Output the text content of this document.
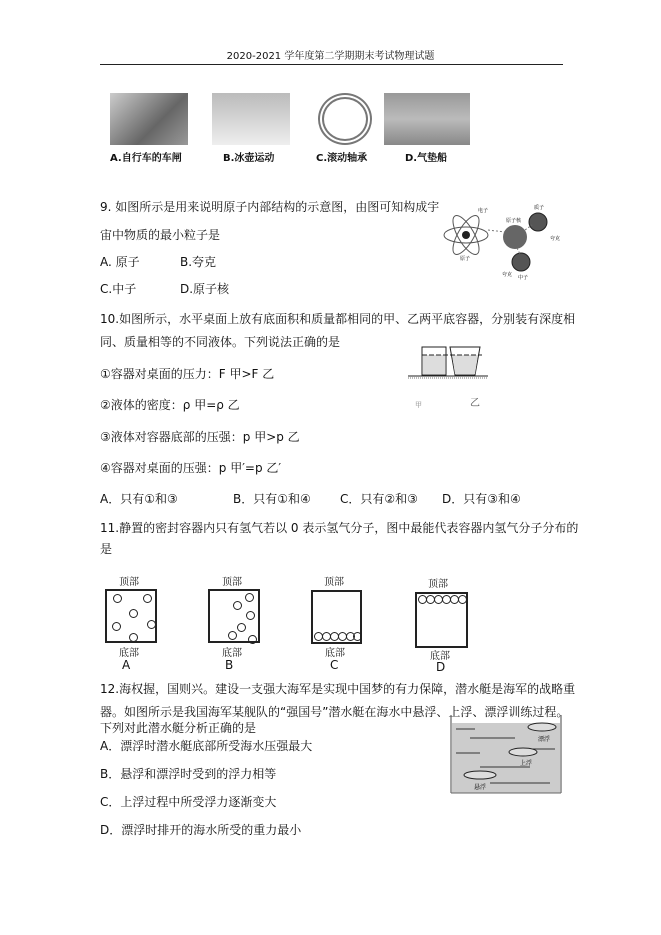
2020-2021 学年度第二学期期末考试物理试题
A.自行车的车闸	B.冰壶运动	C.滚动轴承	D.气垫船
9. 如图所示是用来说明原子内部结构的示意图，由图可知构成宇
宙中物质的最小粒子是
A. 原子	B.夸克
C.中子	D.原子核
电子
原子核
质子
夸克
原子
夸克 中子
10.如图所示，水平桌面上放有底面积和质量都相同的甲、乙两平底容器，分别装有深度相
同、质量相等的不同液体。下列说法正确的是
甲	乙
①容器对桌面的压力：F 甲>F 乙
②液体的密度：ρ 甲=ρ 乙
③液体对容器底部的压强：p 甲>p 乙
④容器对桌面的压强：p 甲′=p 乙′
A．只有①和③	B．只有①和④ C．只有②和③ D．只有③和④
11.静置的密封容器内只有氢气若以 0 表示氢气分子，图中最能代表容器内氢气分子分布的
是
顶部
底部
A
顶部
底部
B
顶部
底部
C
顶部
底部
D
12.海权握，国则兴。建设一支强大海军是实现中国梦的有力保障，潜水艇是海军的战略重
器。如图所示是我国海军某舰队的“强国号”潜水艇在海水中悬浮、上浮、漂浮训练过程。
下列对此潜水艇分析正确的是
A．漂浮时潜水艇底部所受海水压强最大
B．悬浮和漂浮时受到的浮力相等
C．上浮过程中所受浮力逐渐变大
D．漂浮时排开的海水所受的重力最小
漂浮
上浮
悬浮
